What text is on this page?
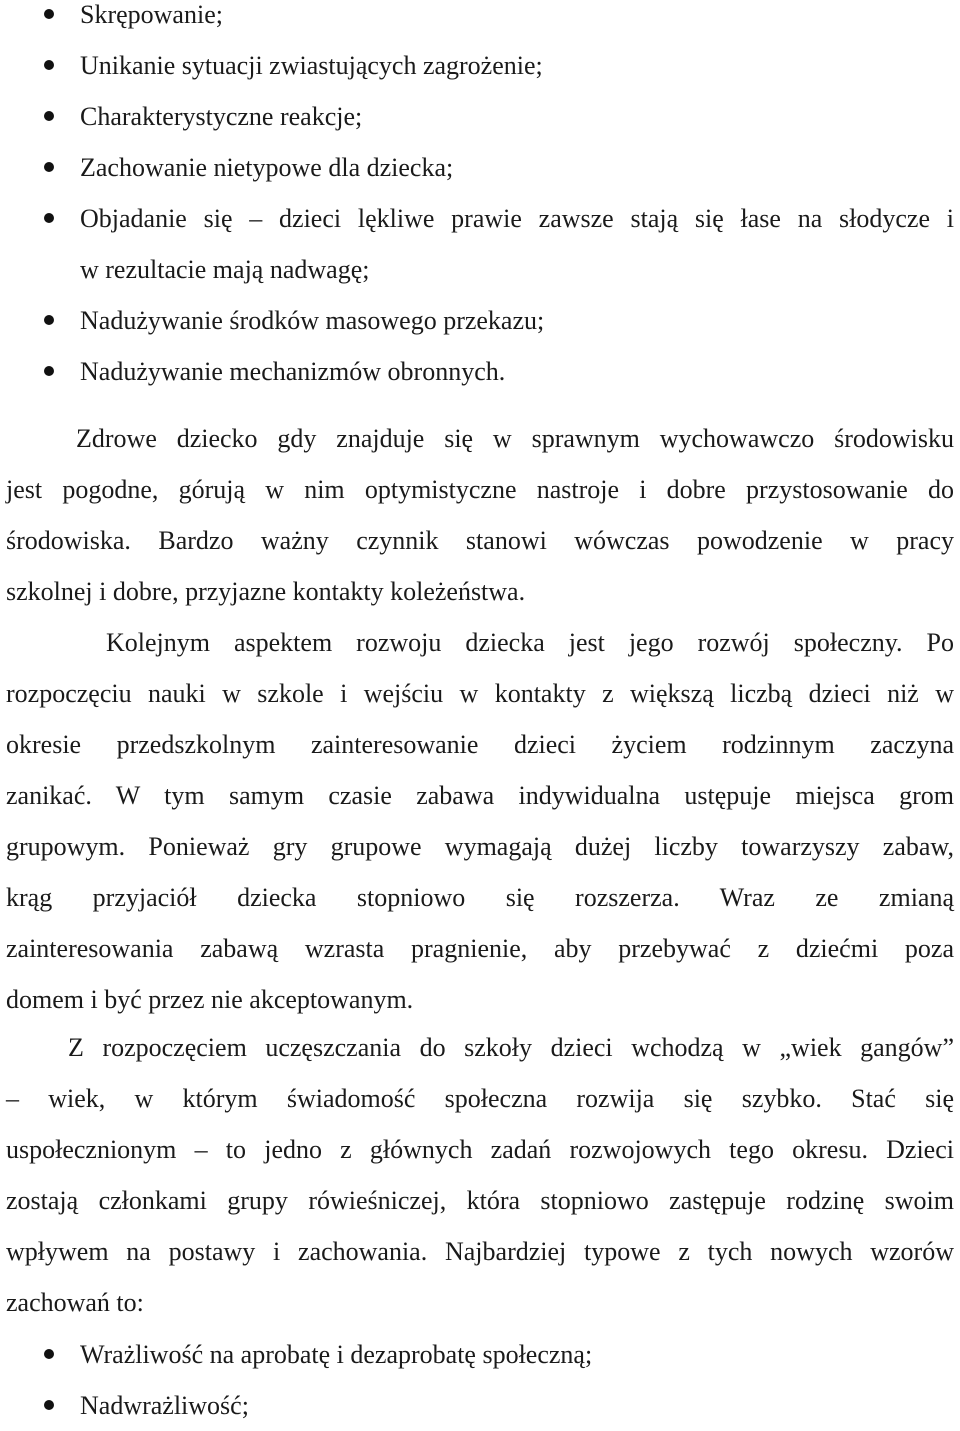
Skrępowanie;
Unikanie sytuacji zwiastujących zagrożenie;
Charakterystyczne reakcje;
Zachowanie nietypowe dla dziecka;
Objadanie się – dzieci lękliwe prawie zawsze stają się łase na słodycze i
w rezultacie mają nadwagę;
Nadużywanie środków masowego przekazu;
Nadużywanie mechanizmów obronnych.
Zdrowe dziecko gdy znajduje się w sprawnym wychowawczo środowisku
jest pogodne, górują w nim optymistyczne nastroje i dobre przystosowanie do
środowiska. Bardzo ważny czynnik stanowi wówczas powodzenie w pracy
szkolnej i dobre, przyjazne kontakty koleżeństwa.
Kolejnym aspektem rozwoju dziecka jest jego rozwój społeczny. Po
rozpoczęciu nauki w szkole i wejściu w kontakty z większą liczbą dzieci niż w
okresie przedszkolnym zainteresowanie dzieci życiem rodzinnym zaczyna
zanikać. W tym samym czasie zabawa indywidualna ustępuje miejsca grom
grupowym. Ponieważ gry grupowe wymagają dużej liczby towarzyszy zabaw,
krąg przyjaciół dziecka stopniowo się rozszerza. Wraz ze zmianą
zainteresowania zabawą wzrasta pragnienie, aby przebywać z dziećmi poza
domem i być przez nie akceptowanym.
Z rozpoczęciem uczęszczania do szkoły dzieci wchodzą w „wiek gangów”
– wiek, w którym świadomość społeczna rozwija się szybko. Stać się
uspołecznionym – to jedno z głównych zadań rozwojowych tego okresu. Dzieci
zostają członkami grupy rówieśniczej, która stopniowo zastępuje rodzinę swoim
wpływem na postawy i zachowania. Najbardziej typowe z tych nowych wzorów
zachowań to:
Wrażliwość na aprobatę i dezaprobatę społeczną;
Nadwrażliwość;
